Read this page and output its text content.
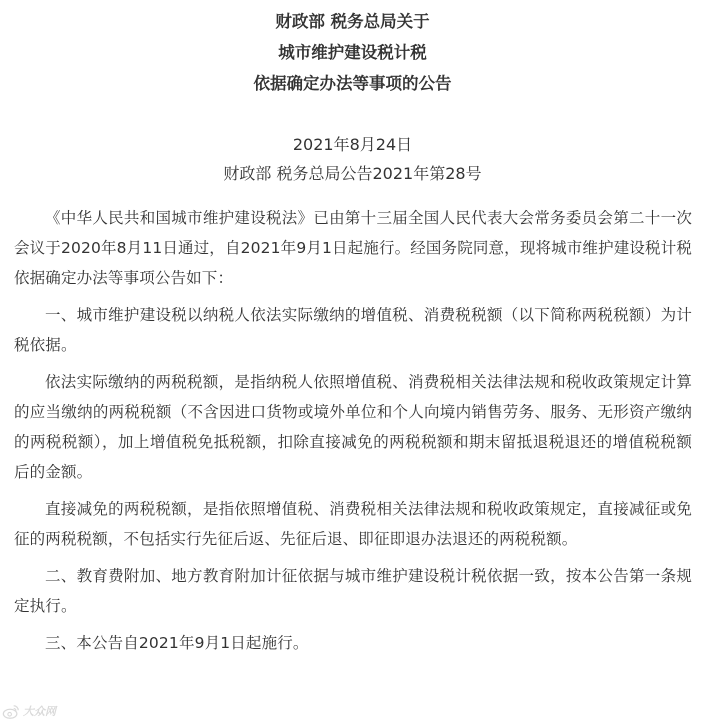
财政部 税务总局关于
城市维护建设税计税
依据确定办法等事项的公告
2021年8月24日
财政部 税务总局公告2021年第28号

《中华人民共和国城市维护建设税法》已由第十三届全国人民代表大会常务委员会第二十一次会议于2020年8月11日通过，自2021年9月1日起施行。经国务院同意，现将城市维护建设税计税依据确定办法等事项公告如下：

一、城市维护建设税以纳税人依法实际缴纳的增值税、消费税税额（以下简称两税税额）为计税依据。

依法实际缴纳的两税税额，是指纳税人依照增值税、消费税相关法律法规和税收政策规定计算的应当缴纳的两税税额（不含因进口货物或境外单位和个人向境内销售劳务、服务、无形资产缴纳的两税税额），加上增值税免抵税额，扣除直接减免的两税税额和期末留抵退税退还的增值税税额后的金额。

直接减免的两税税额，是指依照增值税、消费税相关法律法规和税收政策规定，直接减征或免征的两税税额，不包括实行先征后返、先征后退、即征即退办法退还的两税税额。

二、教育费附加、地方教育附加计征依据与城市维护建设税计税依据一致，按本公告第一条规定执行。

三、本公告自2021年9月1日起施行。

大众网
